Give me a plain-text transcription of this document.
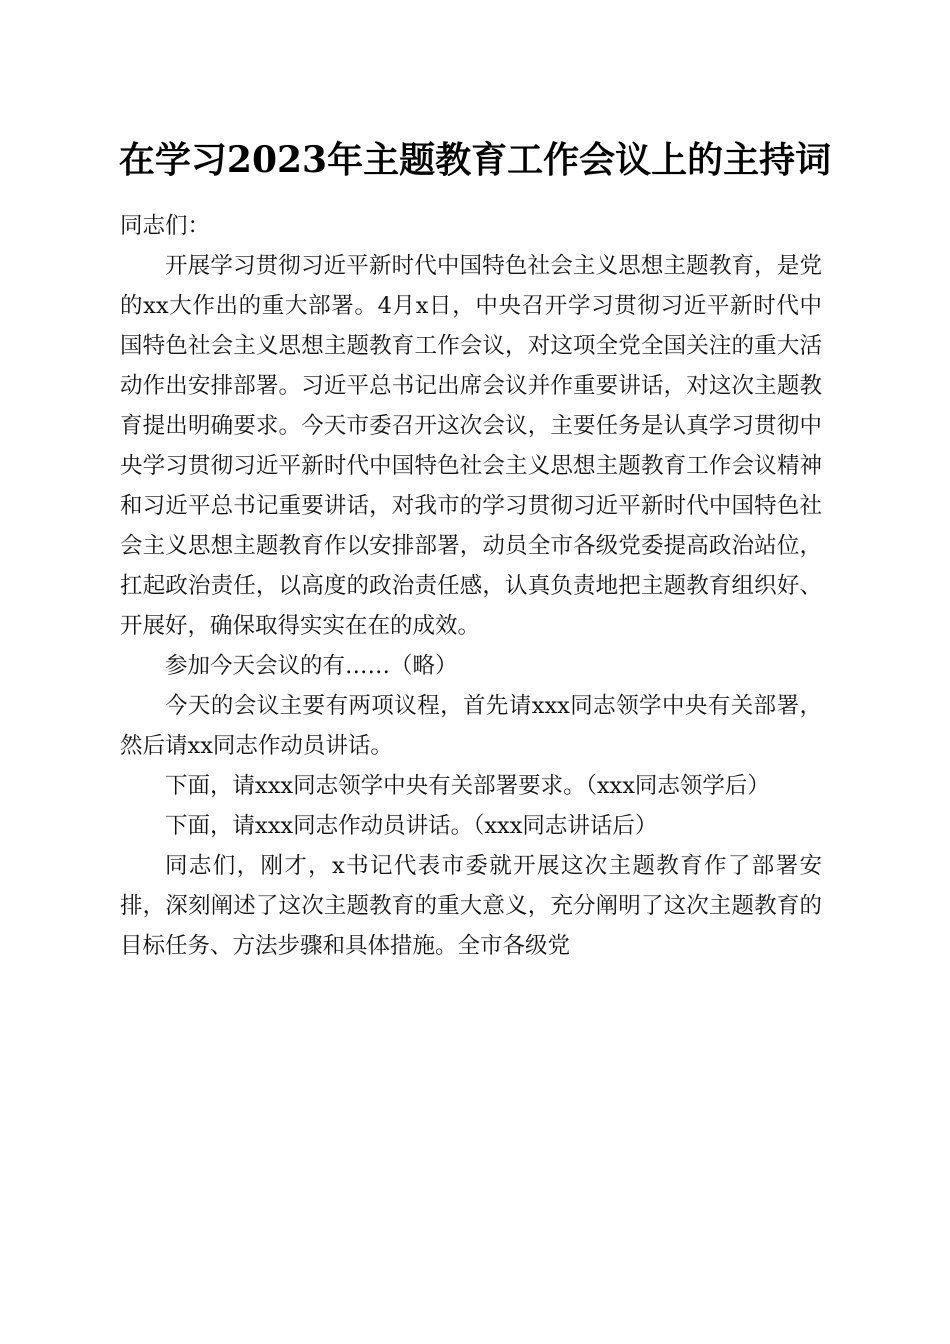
在学习2023年主题教育工作会议上的主持词

同志们：

开展学习贯彻习近平新时代中国特色社会主义思想主题教育，是党的xx大作出的重大部署。4月x日，中央召开学习贯彻习近平新时代中国特色社会主义思想主题教育工作会议，对这项全党全国关注的重大活动作出安排部署。习近平总书记出席会议并作重要讲话，对这次主题教育提出明确要求。今天市委召开这次会议，主要任务是认真学习贯彻中央学习贯彻习近平新时代中国特色社会主义思想主题教育工作会议精神和习近平总书记重要讲话，对我市的学习贯彻习近平新时代中国特色社会主义思想主题教育作以安排部署，动员全市各级党委提高政治站位，扛起政治责任，以高度的政治责任感，认真负责地把主题教育组织好、开展好，确保取得实实在在的成效。

参加今天会议的有……（略）

今天的会议主要有两项议程，首先请xxx同志领学中央有关部署，然后请xx同志作动员讲话。

下面，请xxx同志领学中央有关部署要求。（xxx同志领学后）

下面，请xxx同志作动员讲话。（xxx同志讲话后）

同志们，刚才，x书记代表市委就开展这次主题教育作了部署安排，深刻阐述了这次主题教育的重大意义，充分阐明了这次主题教育的目标任务、方法步骤和具体措施。全市各级党
